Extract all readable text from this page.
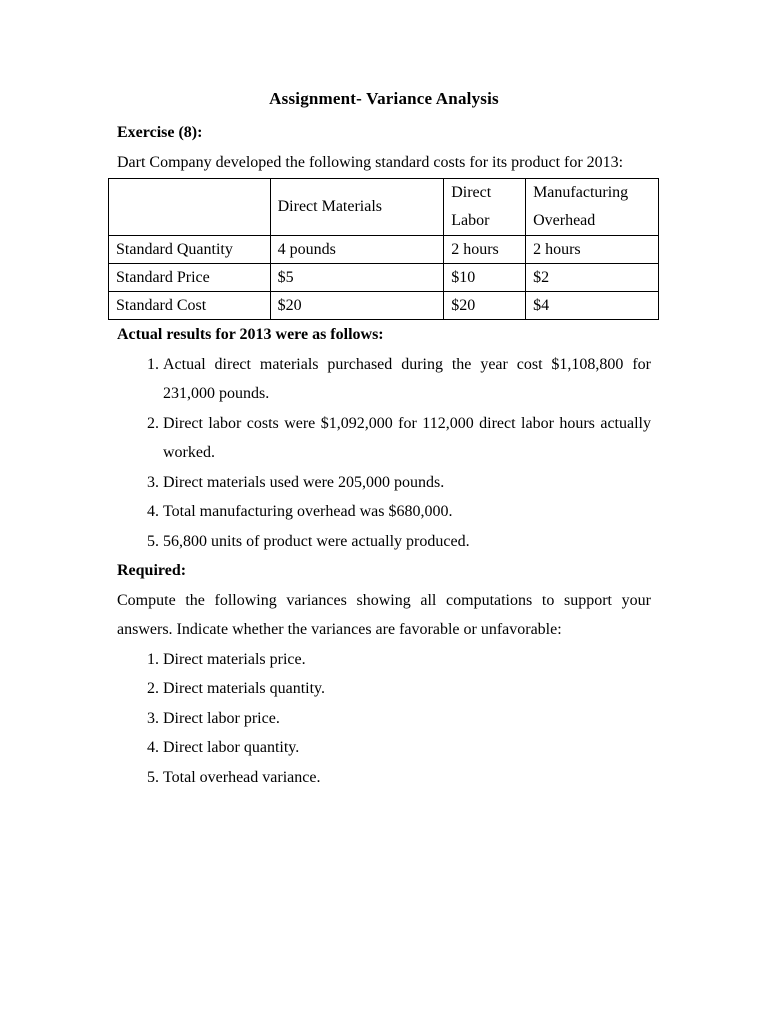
Assignment- Variance Analysis
Exercise (8):
Dart Company developed the following standard costs for its product for 2013:
	Direct Materials	Direct Labor	Manufacturing Overhead
Standard Quantity	4 pounds	2 hours	2 hours
Standard Price	$5	$10	$2
Standard Cost	$20	$20	$4
Actual results for 2013 were as follows:
1. Actual direct materials purchased during the year cost $1,108,800 for 231,000 pounds.
2. Direct labor costs were $1,092,000 for 112,000 direct labor hours actually worked.
3. Direct materials used were 205,000 pounds.
4. Total manufacturing overhead was $680,000.
5. 56,800 units of product were actually produced.
Required:
Compute the following variances showing all computations to support your answers. Indicate whether the variances are favorable or unfavorable:
1. Direct materials price.
2. Direct materials quantity.
3. Direct labor price.
4. Direct labor quantity.
5. Total overhead variance.
